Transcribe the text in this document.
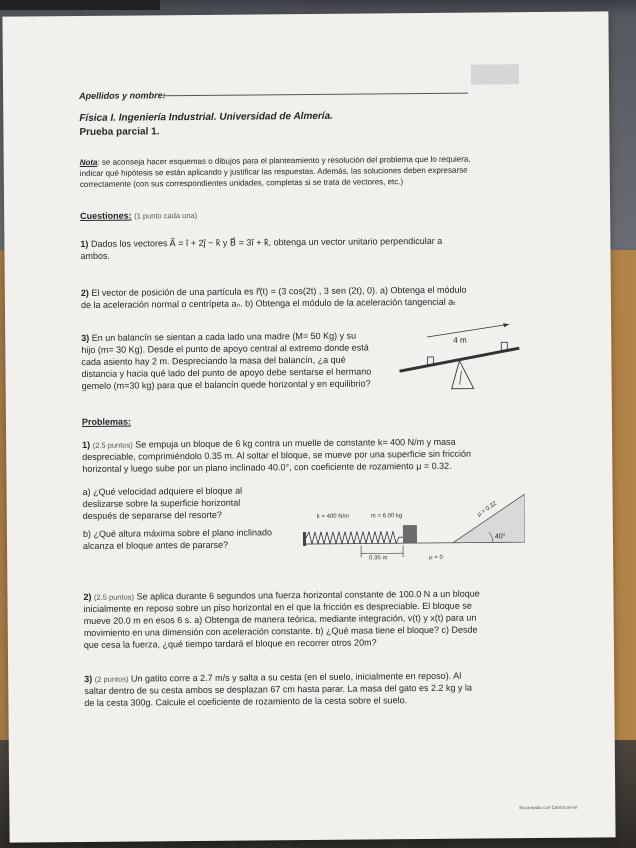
Apellidos y nombre:

Física I. Ingeniería Industrial. Universidad de Almería.

Prueba parcial 1.

Nota: se aconseja hacer esquemas o dibujos para el planteamiento y resolución del problema que lo requiera,

indicar qué hipótesis se están aplicando y justificar las respuestas. Además, las soluciones deben expresarse

correctamente (con sus correspondientes unidades, completas si se trata de vectores, etc.)

Cuestiones: (1 punto cada una)

1) Dados los vectores A⃗ = î + 2ĵ − k̂ y B⃗ = 3î + k̂, obtenga un vector unitario perpendicular a

ambos.

2) El vector de posición de una partícula es r⃗(t) = (3 cos(2t) , 3 sen (2t), 0). a) Obtenga el módulo

de la aceleración normal o centrípeta aₙ. b) Obtenga el módulo de la aceleración tangencial aₜ

3) En un balancín se sientan a cada lado una madre (M= 50 Kg) y su

hijo (m= 30 Kg). Desde el punto de apoyo central al extremo donde está

cada asiento hay 2 m. Despreciando la masa del balancín, ¿a qué

distancia y hacia qué lado del punto de apoyo debe sentarse el hermano

gemelo (m=30 kg) para que el balancín quede horizontal y en equilibrio?

4 m

Problemas:

1) (2.5 puntos) Se empuja un bloque de 6 kg contra un muelle de constante k= 400 N/m y masa

despreciable, comprimiéndolo 0.35 m. Al soltar el bloque, se mueve por una superficie sin fricción

horizontal y luego sube por un plano inclinado 40.0°, con coeficiente de rozamiento μ = 0.32.

a) ¿Qué velocidad adquiere el bloque al

deslizarse sobre la superficie horizontal

después de separarse del resorte?

b) ¿Qué altura máxima sobre el plano inclinado

alcanza el bloque antes de pararse?

k = 400 N/m	m = 6.00 kg	μ = 0.32
40°
0.35 m	μ = 0

2) (2.5 puntos) Se aplica durante 6 segundos una fuerza horizontal constante de 100.0 N a un bloque

inicialmente en reposo sobre un piso horizontal en el que la fricción es despreciable. El bloque se

mueve 20.0 m en esos 6 s. a) Obtenga de manera teórica, mediante integración, v(t) y x(t) para un

movimiento en una dimensión con aceleración constante. b) ¿Qué masa tiene el bloque? c) Desde

que cesa la fuerza, ¿qué tiempo tardará el bloque en recorrer otros 20m?

3) (2 puntos) Un gatito corre a 2.7 m/s y salta a su cesta (en el suelo, inicialmente en reposo). Al

saltar dentro de su cesta ambos se desplazan 67 cm hasta parar. La masa del gato es 2.2 kg y la

de la cesta 300g. Calcule el coeficiente de rozamiento de la cesta sobre el suelo.

Escaneado con CamScanner
